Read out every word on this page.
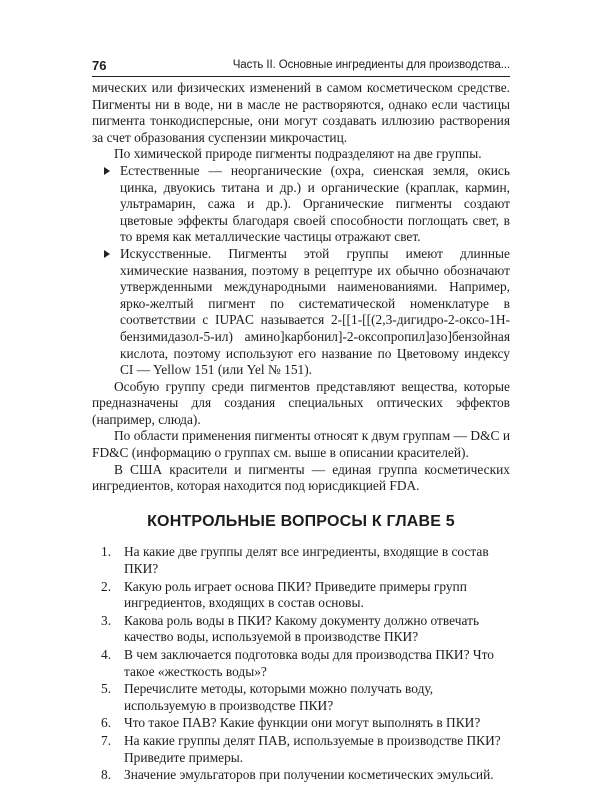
76	Часть II. Основные ингредиенты для производства...

мических или физических изменений в самом косметическом средстве. Пигменты ни в воде, ни в масле не растворяются, однако если частицы пигмента тонкодисперсные, они могут создавать иллюзию растворения за счет образования суспензии микрочастиц.

По химической природе пигменты подразделяют на две группы.

Естественные — неорганические (охра, сиенская земля, окись цинка, двуокись титана и др.) и органические (краплак, кармин, ультрамарин, сажа и др.). Органические пигменты создают цветовые эффекты благодаря своей способности поглощать свет, в то время как металлические частицы отражают свет.
Искусственные. Пигменты этой группы имеют длинные химические названия, поэтому в рецептуре их обычно обозначают утвержденными международными наименованиями. Например, ярко-желтый пигмент по систематической номенклатуре в соответствии с IUPAC называется 2-[[1-[[(2,3-дигидро-2-оксо-1H-бензимидазол-5-ил) амино]карбонил]-2-оксопропил]азо]бензойная кислота, поэтому используют его название по Цветовому индексу CI — Yellow 151 (или Yel № 151).

Особую группу среди пигментов представляют вещества, которые предназначены для создания специальных оптических эффектов (например, слюда).

По области применения пигменты относят к двум группам — D&C и FD&C (информацию о группах см. выше в описании красителей).

В США красители и пигменты — единая группа косметических ингредиентов, которая находится под юрисдикцией FDA.

КОНТРОЛЬНЫЕ ВОПРОСЫ К ГЛАВЕ 5
1. На какие две группы делят все ингредиенты, входящие в состав ПКИ?
2. Какую роль играет основа ПКИ? Приведите примеры групп ингредиентов, входящих в состав основы.
3. Какова роль воды в ПКИ? Какому документу должно отвечать качество воды, используемой в производстве ПКИ?
4. В чем заключается подготовка воды для производства ПКИ? Что такое «жесткость воды»?
5. Перечислите методы, которыми можно получать воду, используемую в производстве ПКИ?
6. Что такое ПАВ? Какие функции они могут выполнять в ПКИ?
7. На какие группы делят ПАВ, используемые в производстве ПКИ? Приведите примеры.
8. Значение эмульгаторов при получении косметических эмульсий.
